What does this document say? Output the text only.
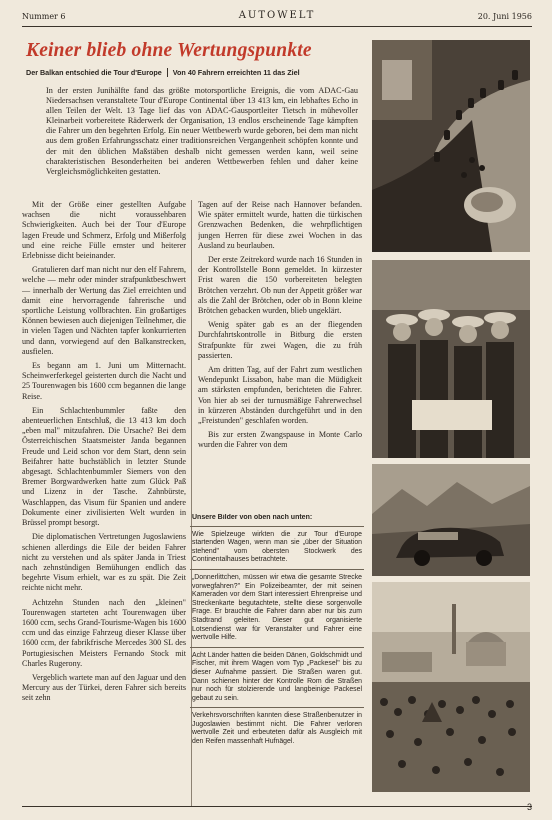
Nummer 6	AUTOWELT	20. Juni 1956
Keiner blieb ohne Wertungspunkte
Der Balkan entschied die Tour d'Europe Von 40 Fahrern erreichten 11 das Ziel

In der ersten Junihälfte fand das größte motorsportliche Ereignis, die vom ADAC-Gau Niedersachsen veranstaltete Tour d'Europe Continental über 13 413 km, ein lebhaftes Echo in allen Teilen der Welt. 13 Tage lief das von ADAC-Gausportleiter Tietsch in mühevoller Kleinarbeit vorbereitete Räderwerk der Organisation, 13 endlos erscheinende Tage kämpften die Fahrer um den begehrten Erfolg. Ein neuer Wettbewerb wurde geboren, bei dem man nicht aus dem großen Erfahrungsschatz einer traditionsreichen Vergangenheit schöpfen konnte und der mit den üblichen Maßstäben deshalb nicht gemessen werden kann, weil seine charakteristischen Besonderheiten bei anderen Wettbewerben fehlen und daher keine Vergleichsmöglichkeiten gestatten.

Mit der Größe einer gestellten Aufgabe wachsen die nicht voraussehbaren Schwierigkeiten. Auch bei der Tour d'Europe lagen Freude und Schmerz, Erfolg und Mißerfolg und eine reiche Fülle ernster und heiterer Erlebnisse dicht beieinander.

Gratulieren darf man nicht nur den elf Fahrern, welche — mehr oder minder strafpunktbeschwert — innerhalb der Wertung das Ziel erreichten und damit eine hervorragende fahrerische und sportliche Leistung vollbrachten. Ein großartiges Können bewiesen auch diejenigen Teilnehmer, die in vielen Tagen und Nächten tapfer konkurrierten und dann, vorwiegend auf den Balkanstrecken, ausfielen.

Es begann am 1. Juni um Mitternacht. Scheinwerferkegel geisterten durch die Nacht und 25 Tourenwagen bis 1600 ccm begannen die lange Reise.

Ein Schlachtenbummler faßte den abenteuerlichen Entschluß, die 13 413 km doch „eben mal" mitzufahren. Die Ursache? Bei dem Österreichischen Staatsmeister Janda begannen Freude und Leid schon vor dem Start, denn sein Beifahrer hatte buchstäblich in letzter Stunde abgesagt. Schlachtenbummler Siemers von den Bremer Borgwardwerken hatte zum Glück Paß und Lizenz in der Tasche. Zahnbürste, Waschlappen, das Visum für Spanien und andere Dokumente einer zivilisierten Welt wurden in Brüssel prompt besorgt.

Die diplomatischen Vertretungen Jugoslawiens schienen allerdings die Eile der beiden Fahrer nicht zu verstehen und als später Janda in Triest nach zehnstündigen Bemühungen endlich das begehrte Visum erhielt, war es zu spät. Die Zeit reichte nicht mehr.

Achtzehn Stunden nach den „kleinen" Tourenwagen starteten acht Tourenwagen über 1600 ccm, sechs Grand-Tourisme-Wagen bis 1600 ccm und das einzige Fahrzeug dieser Klasse über 1600 ccm, der fabrikfrische Mercedes 300 SL des Portugiesischen Meisters Fernando Stock mit Charles Rugerony.

Vergeblich wartete man auf den Jaguar und den Mercury aus der Türkei, deren Fahrer sich bereits seit zehn

Tagen auf der Reise nach Hannover befanden. Wie später ermittelt wurde, hatten die türkischen Grenzwachen Bedenken, die wehrpflichtigen jungen Herren für diese zwei Wochen in das Ausland zu beurlauben.

Der erste Zeitrekord wurde nach 16 Stunden in der Kontrollstelle Bonn gemeldet. In kürzester Frist waren die 150 vorbereiteten belegten Brötchen verzehrt. Ob nun der Appetit größer war als die Zahl der Brötchen, oder ob in Bonn kleine Brötchen gebacken wurden, blieb ungeklärt.

Wenig später gab es an der fliegenden Durchfahrtskontrolle in Bitburg die ersten Strafpunkte für zwei Wagen, die zu früh passierten.

Am dritten Tag, auf der Fahrt zum westlichen Wendepunkt Lissabon, habe man die Müdigkeit am stärksten empfunden, berichteten die Fahrer. Von hier ab sei der turnusmäßige Fahrerwechsel in kürzeren Abständen durchgeführt und in den „Freistunden" geschlafen worden.

Bis zur ersten Zwangspause in Monte Carlo wurden die Fahrer von dem

Unsere Bilder von oben nach unten:
Wie Spielzeuge wirkten die zur Tour d'Europe startenden Wagen, wenn man sie „über der Situation stehend" vom obersten Stockwerk des Continentalhauses betrachtete.
„Donnerlittchen, müssen wir etwa die gesamte Strecke vorwegfahren?" Ein Polizeibeamter, der mit seinen Kameraden vor dem Start interessiert Ehrenpreise und Streckenkarte begutachtete, stellte diese sorgenvolle Frage. Er brauchte die Fahrer dann aber nur bis zum Stadtrand geleiten. Dieser gut organisierte Lotsendienst war für Veranstalter und Fahrer eine wertvolle Hilfe.
Acht Länder hatten die beiden Dänen, Goldschmidt und Fischer, mit ihrem Wagen vom Typ „Packesel" bis zu dieser Aufnahme passiert. Die Straßen waren gut. Dann schienen hinter der Kontrolle Rom die Straßen nur noch für stolzierende und langbeinige Packesel gebaut zu sein.
Verkehrsvorschriften kannten diese Straßenbenutzer in Jugoslawien bestimmt nicht. Die Fahrer verloren wertvolle Zeit und erbeuteten dafür als Ausgleich mit den Reifen massenhaft Hufnägel.
3
